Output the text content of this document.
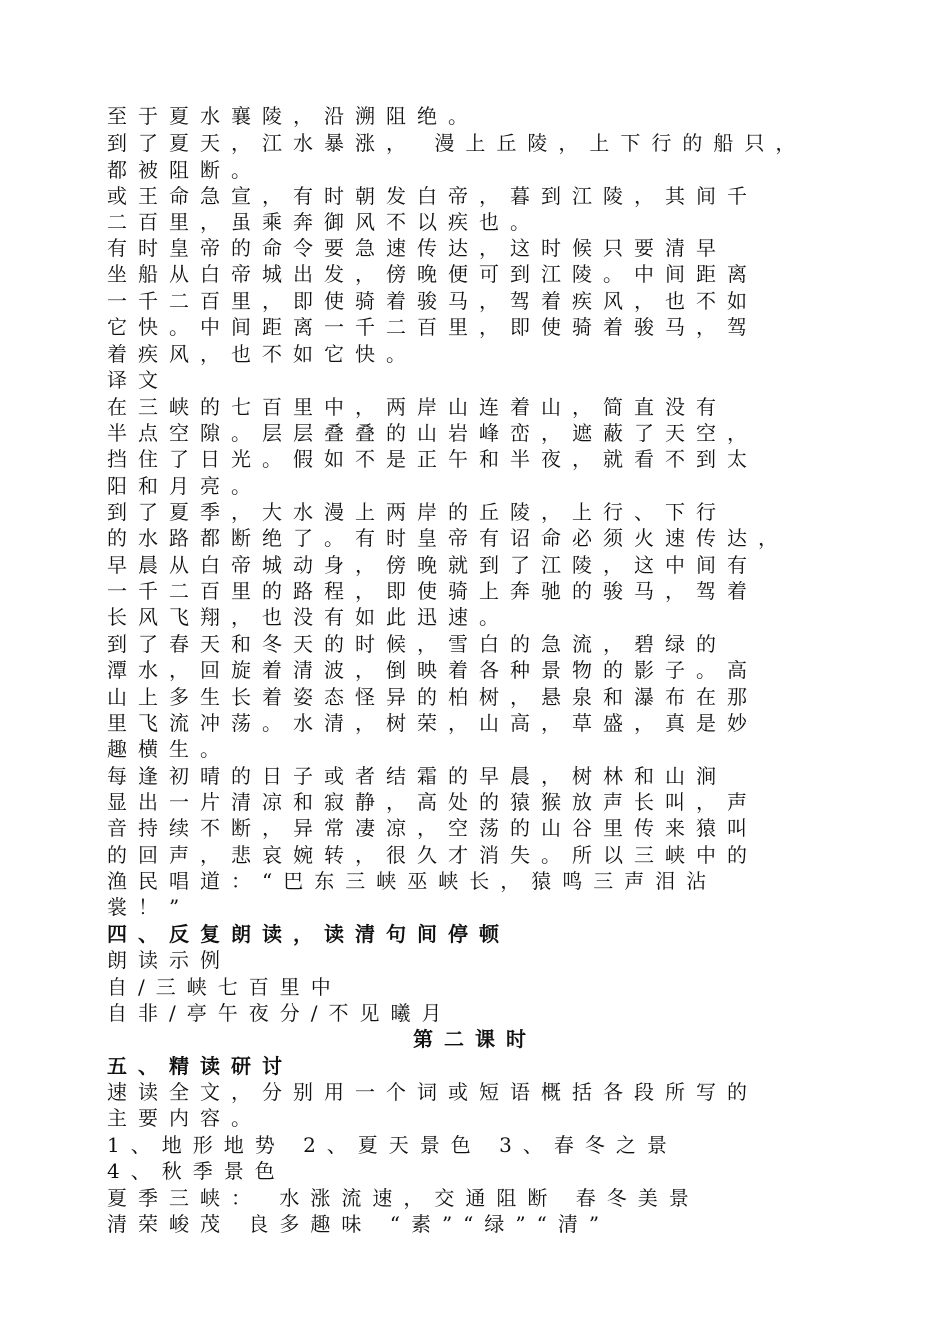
至于夏水襄陵，沿溯阻绝。
到了夏天，江水暴涨， 漫上丘陵，上下行的船只，
都被阻断。
或王命急宣，有时朝发白帝，暮到江陵，其间千
二百里，虽乘奔御风不以疾也。
有时皇帝的命令要急速传达，这时候只要清早
坐船从白帝城出发，傍晚便可到江陵。中间距离
一千二百里，即使骑着骏马，驾着疾风，也不如
它快。中间距离一千二百里，即使骑着骏马，驾
着疾风，也不如它快。
译文
在三峡的七百里中，两岸山连着山，简直没有
半点空隙。层层叠叠的山岩峰峦，遮蔽了天空，
挡住了日光。假如不是正午和半夜，就看不到太
阳和月亮。
到了夏季，大水漫上两岸的丘陵，上行、下行
的水路都断绝了。有时皇帝有诏命必须火速传达，
早晨从白帝城动身，傍晚就到了江陵，这中间有
一千二百里的路程，即使骑上奔驰的骏马，驾着
长风飞翔，也没有如此迅速。
到了春天和冬天的时候，雪白的急流，碧绿的
潭水，回旋着清波，倒映着各种景物的影子。高
山上多生长着姿态怪异的柏树，悬泉和瀑布在那
里飞流冲荡。水清，树荣，山高，草盛，真是妙
趣横生。
每逢初晴的日子或者结霜的早晨，树林和山涧
显出一片清凉和寂静，高处的猿猴放声长叫，声
音持续不断，异常凄凉，空荡的山谷里传来猿叫
的回声，悲哀婉转，很久才消失。所以三峡中的
渔民唱道：“巴东三峡巫峡长，猿鸣三声泪沾
裳！”
四、反复朗读，读清句间停顿
朗读示例
自/三峡七百里中
自非/亭午夜分/不见曦月
第二课时
五、精读研讨
速读全文，分别用一个词或短语概括各段所写的
主要内容。
1、地形地势 2、夏天景色 3、春冬之景
4、秋季景色
夏季三峡： 水涨流速，交通阻断 春冬美景
清荣峻茂 良多趣味 “素”“绿”“清”
